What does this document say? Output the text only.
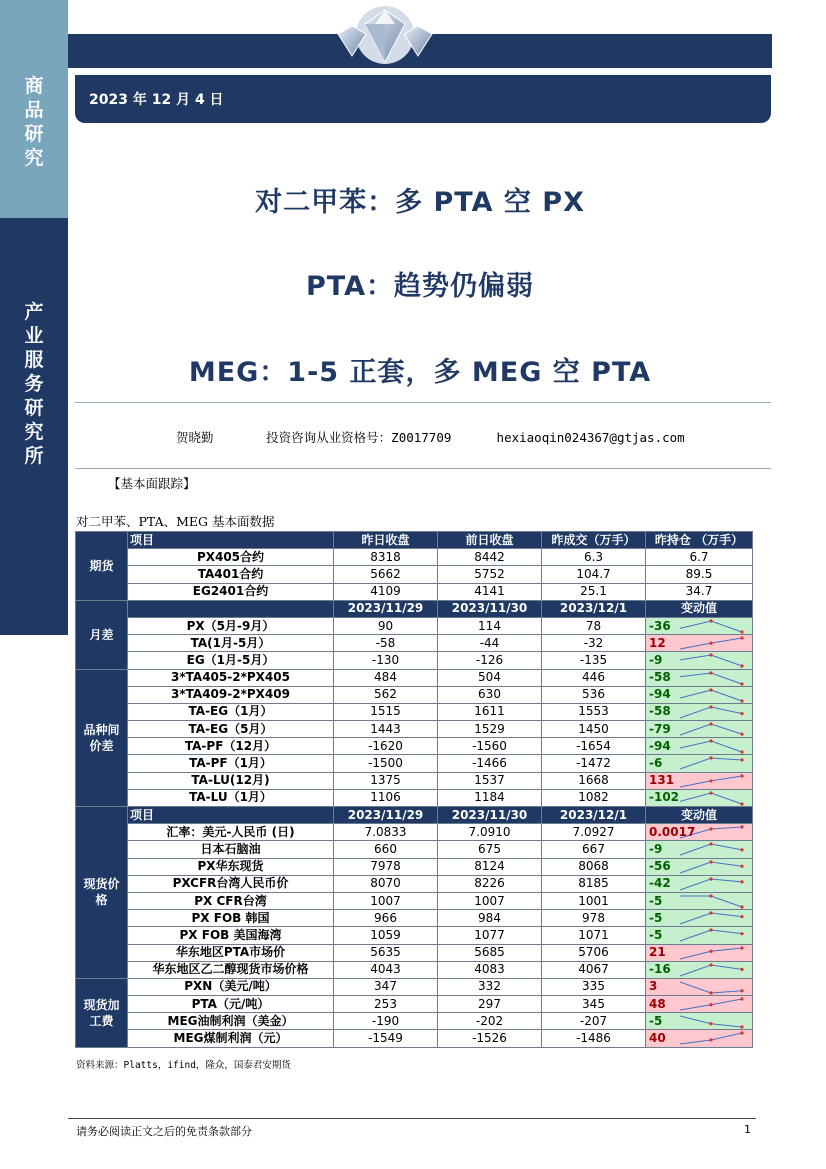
商
品
研
究
产
业
服
务
研
究
所
2023 年 12 月 4 日
对二甲苯：多 PTA 空 PX
PTA：趋势仍偏弱
MEG：1-5 正套，多 MEG 空 PTA
贺晓勤       投资咨询从业资格号：Z0017709      hexiaoqin024367@gtjas.com
【基本面跟踪】
对二甲苯、PTA、MEG 基本面数据
期货	项目	昨日收盘	前日收盘	昨成交（万手）	昨持仓 （万手）
	PX405合约	8318	8442	6.3	6.7
	TA401合约	5662	5752	104.7	89.5
	EG2401合约	4109	4141	25.1	34.7
月差		2023/11/29	2023/11/30	2023/12/1	变动值
	PX（5月-9月）	90	114	78	-36
	TA(1月-5月）	-58	-44	-32	12
	EG（1月-5月）	-130	-126	-135	-9
品种间价差	3*TA405-2*PX405	484	504	446	-58
	3*TA409-2*PX409	562	630	536	-94
	TA-EG（1月）	1515	1611	1553	-58
	TA-EG（5月）	1443	1529	1450	-79
	TA-PF（12月）	-1620	-1560	-1654	-94
	TA-PF（1月）	-1500	-1466	-1472	-6
	TA-LU(12月)	1375	1537	1668	131
	TA-LU（1月）	1106	1184	1082	-102
现货价格	项目	2023/11/29	2023/11/30	2023/12/1	变动值
	汇率：美元-人民币 (日)	7.0833	7.0910	7.0927	0.0017
	日本石脑油	660	675	667	-9
	PX华东现货	7978	8124	8068	-56
	PXCFR台湾人民币价	8070	8226	8185	-42
	PX CFR台湾	1007	1007	1001	-5
	PX FOB 韩国	966	984	978	-5
	PX FOB 美国海湾	1059	1077	1071	-5
	华东地区PTA市场价	5635	5685	5706	21
	华东地区乙二醇现货市场价格	4043	4083	4067	-16
现货加工费	PXN（美元/吨）	347	332	335	3
	PTA（元/吨）	253	297	345	48
	MEG油制利润（美金）	-190	-202	-207	-5
	MEG煤制利润（元）	-1549	-1526	-1486	40
资料来源：Platts，ifind，隆众，国泰君安期货
请务必阅读正文之后的免责条款部分	1
